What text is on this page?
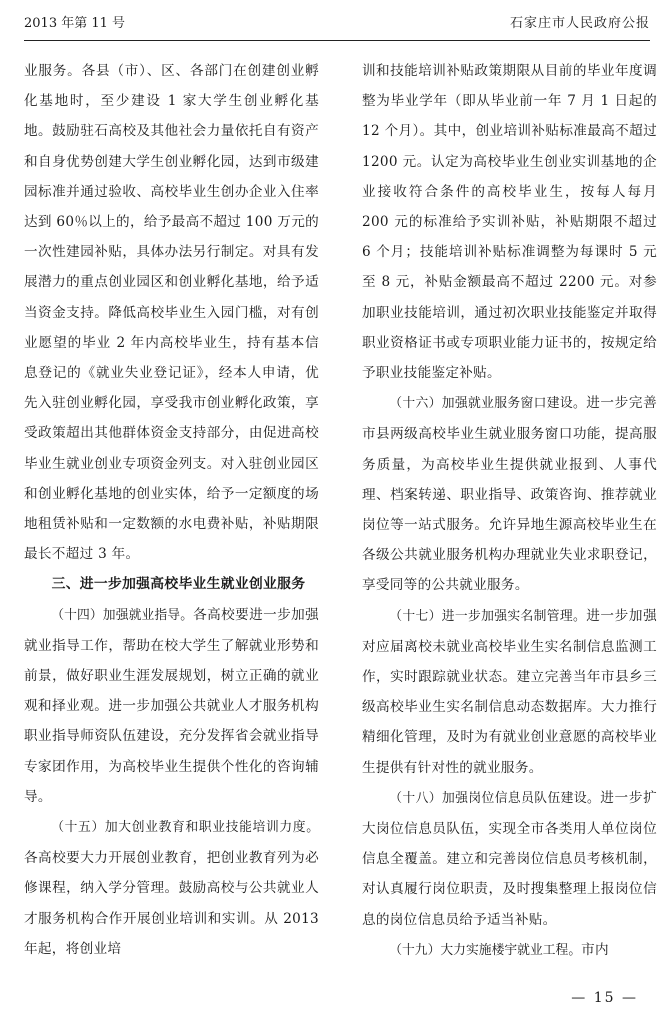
2013 年第 11 号	石家庄市人民政府公报

业服务。各县（市）、区、各部门在创建创业孵化基地时，至少建设 1 家大学生创业孵化基地。鼓励驻石高校及其他社会力量依托自有资产和自身优势创建大学生创业孵化园，达到市级建园标准并通过验收、高校毕业生创办企业入住率达到 60％以上的，给予最高不超过 100 万元的一次性建园补贴，具体办法另行制定。对具有发展潜力的重点创业园区和创业孵化基地，给予适当资金支持。降低高校毕业生入园门槛，对有创业愿望的毕业 2 年内高校毕业生，持有基本信息登记的《就业失业登记证》，经本人申请，优先入驻创业孵化园，享受我市创业孵化政策，享受政策超出其他群体资金支持部分，由促进高校毕业生就业创业专项资金列支。对入驻创业园区和创业孵化基地的创业实体，给予一定额度的场地租赁补贴和一定数额的水电费补贴，补贴期限最长不超过 3 年。

三、进一步加强高校毕业生就业创业服务

（十四）加强就业指导。各高校要进一步加强就业指导工作，帮助在校大学生了解就业形势和前景，做好职业生涯发展规划，树立正确的就业观和择业观。进一步加强公共就业人才服务机构职业指导师资队伍建设，充分发挥省会就业指导专家团作用，为高校毕业生提供个性化的咨询辅导。

（十五）加大创业教育和职业技能培训力度。各高校要大力开展创业教育，把创业教育列为必修课程，纳入学分管理。鼓励高校与公共就业人才服务机构合作开展创业培训和实训。从 2013 年起，将创业培

训和技能培训补贴政策期限从目前的毕业年度调整为毕业学年（即从毕业前一年 7 月 1 日起的 12 个月）。其中，创业培训补贴标准最高不超过 1200 元。认定为高校毕业生创业实训基地的企业接收符合条件的高校毕业生，按每人每月 200 元的标准给予实训补贴，补贴期限不超过 6 个月；技能培训补贴标准调整为每课时 5 元至 8 元，补贴金额最高不超过 2200 元。对参加职业技能培训，通过初次职业技能鉴定并取得职业资格证书或专项职业能力证书的，按规定给予职业技能鉴定补贴。

（十六）加强就业服务窗口建设。进一步完善市县两级高校毕业生就业服务窗口功能，提高服务质量，为高校毕业生提供就业报到、人事代理、档案转递、职业指导、政策咨询、推荐就业岗位等一站式服务。允许异地生源高校毕业生在各级公共就业服务机构办理就业失业求职登记，享受同等的公共就业服务。

（十七）进一步加强实名制管理。进一步加强对应届离校未就业高校毕业生实名制信息监测工作，实时跟踪就业状态。建立完善当年市县乡三级高校毕业生实名制信息动态数据库。大力推行精细化管理，及时为有就业创业意愿的高校毕业生提供有针对性的就业服务。

（十八）加强岗位信息员队伍建设。进一步扩大岗位信息员队伍，实现全市各类用人单位岗位信息全覆盖。建立和完善岗位信息员考核机制，对认真履行岗位职责，及时搜集整理上报岗位信息的岗位信息员给予适当补贴。

（十九）大力实施楼宇就业工程。市内

— 15 —
